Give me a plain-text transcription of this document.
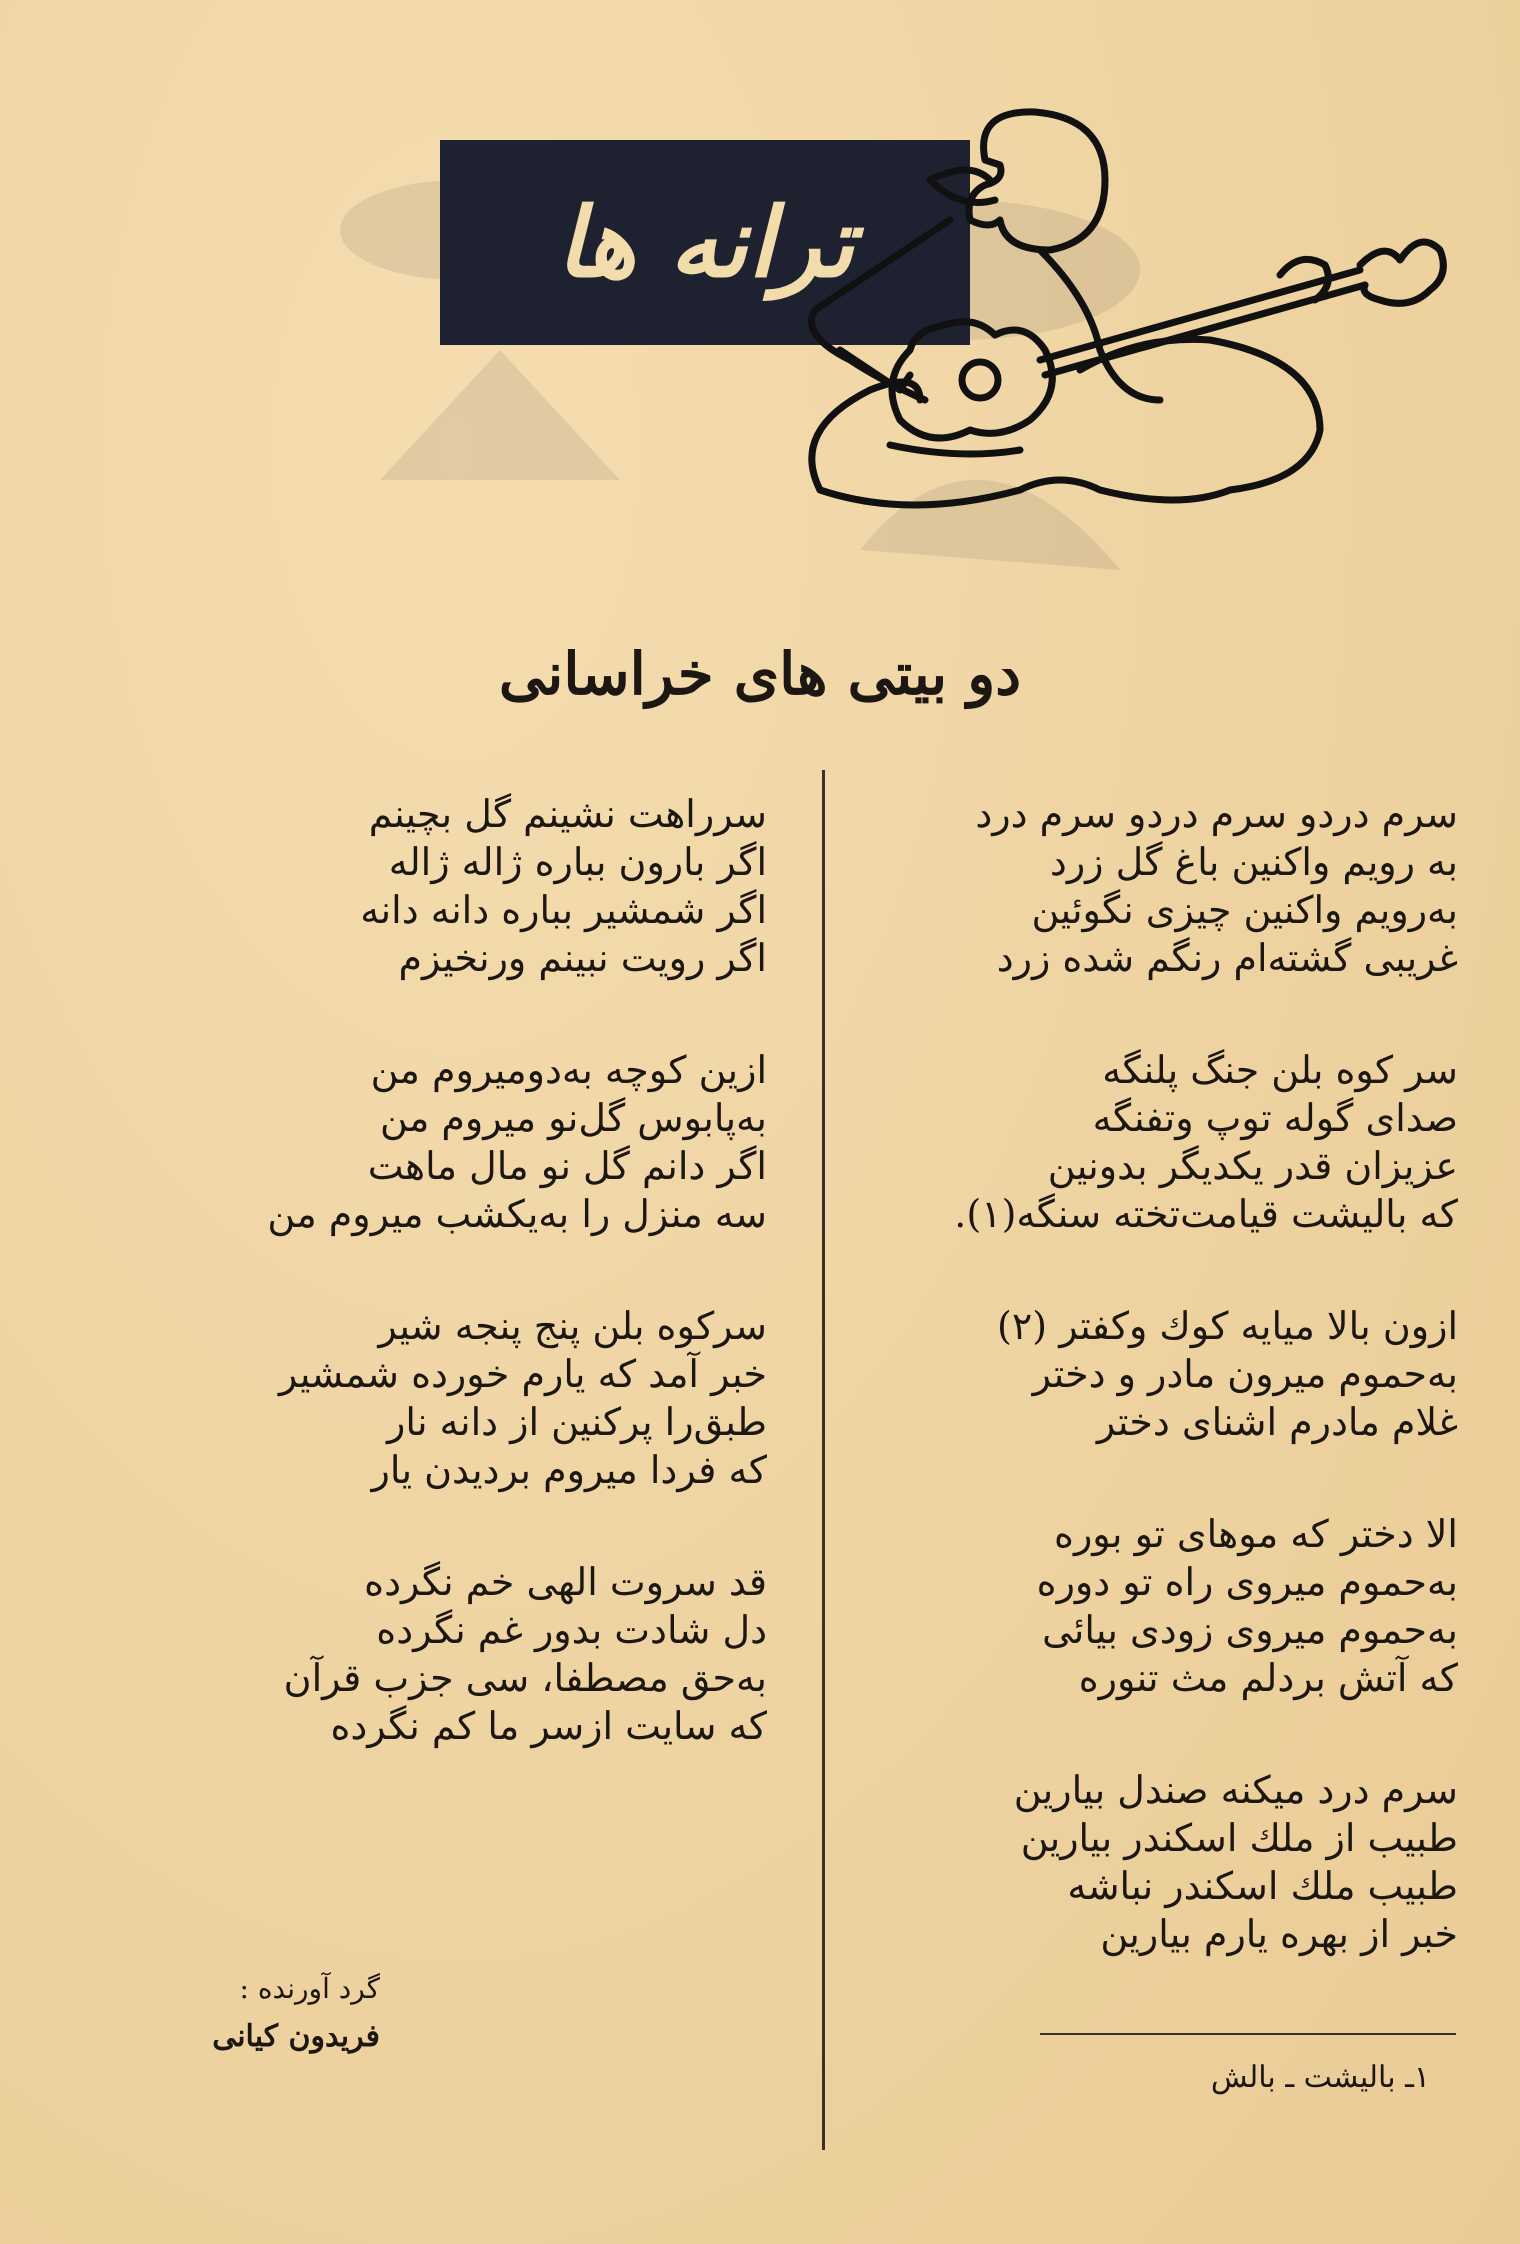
ترانه ها
دو بیتی های خراسانی
سرم دردو سرم دردو سرم درد
به رویم واکنین باغ گل زرد
به‌رویم واکنین چیزی نگوئین
غریبی گشته‌ام رنگم شده زرد
سر کوه بلن جنگ پلنگه
صدای گوله توپ وتفنگه
عزیزان قدر یکدیگر بدونین
که بالیشت قیامت‌تخته سنگه(۱).
ازون بالا میایه کوك وکفتر (۲)
به‌حموم میرون مادر و دختر
غلام مادرم اشنای دختر
الا دختر که موهای تو بوره
به‌حموم میروی راه تو دوره
به‌حموم میروی زودی بیائی
که آتش بردلم مث تنوره
سرم درد میکنه صندل بیارین
طبیب از ملك اسکندر بیارین
طبیب ملك اسکندر نباشه
خبر از بهره یارم بیارین
سرراهت نشینم گل بچینم
اگر بارون بباره ژاله ژاله
اگر شمشیر بباره دانه دانه
اگر رویت نبینم ورنخیزم
ازین کوچه به‌دومیروم من
به‌پابوس گل‌نو میروم من
اگر دانم گل نو مال ماهت
سه منزل را به‌یکشب میروم من
سرکوه بلن پنج پنجه شیر
خبر آمد که یارم خورده شمشیر
طبق‌را پرکنین از دانه نار
که فردا میروم بردیدن یار
قد سروت الهی خم نگرده
دل شادت بدور غم نگرده
به‌حق مصطفا، سی جزب قرآن
که سایت ازسر ما کم نگرده
گرد آورنده :
فریدون کیانی
۱ـ بالیشت ـ بالش
